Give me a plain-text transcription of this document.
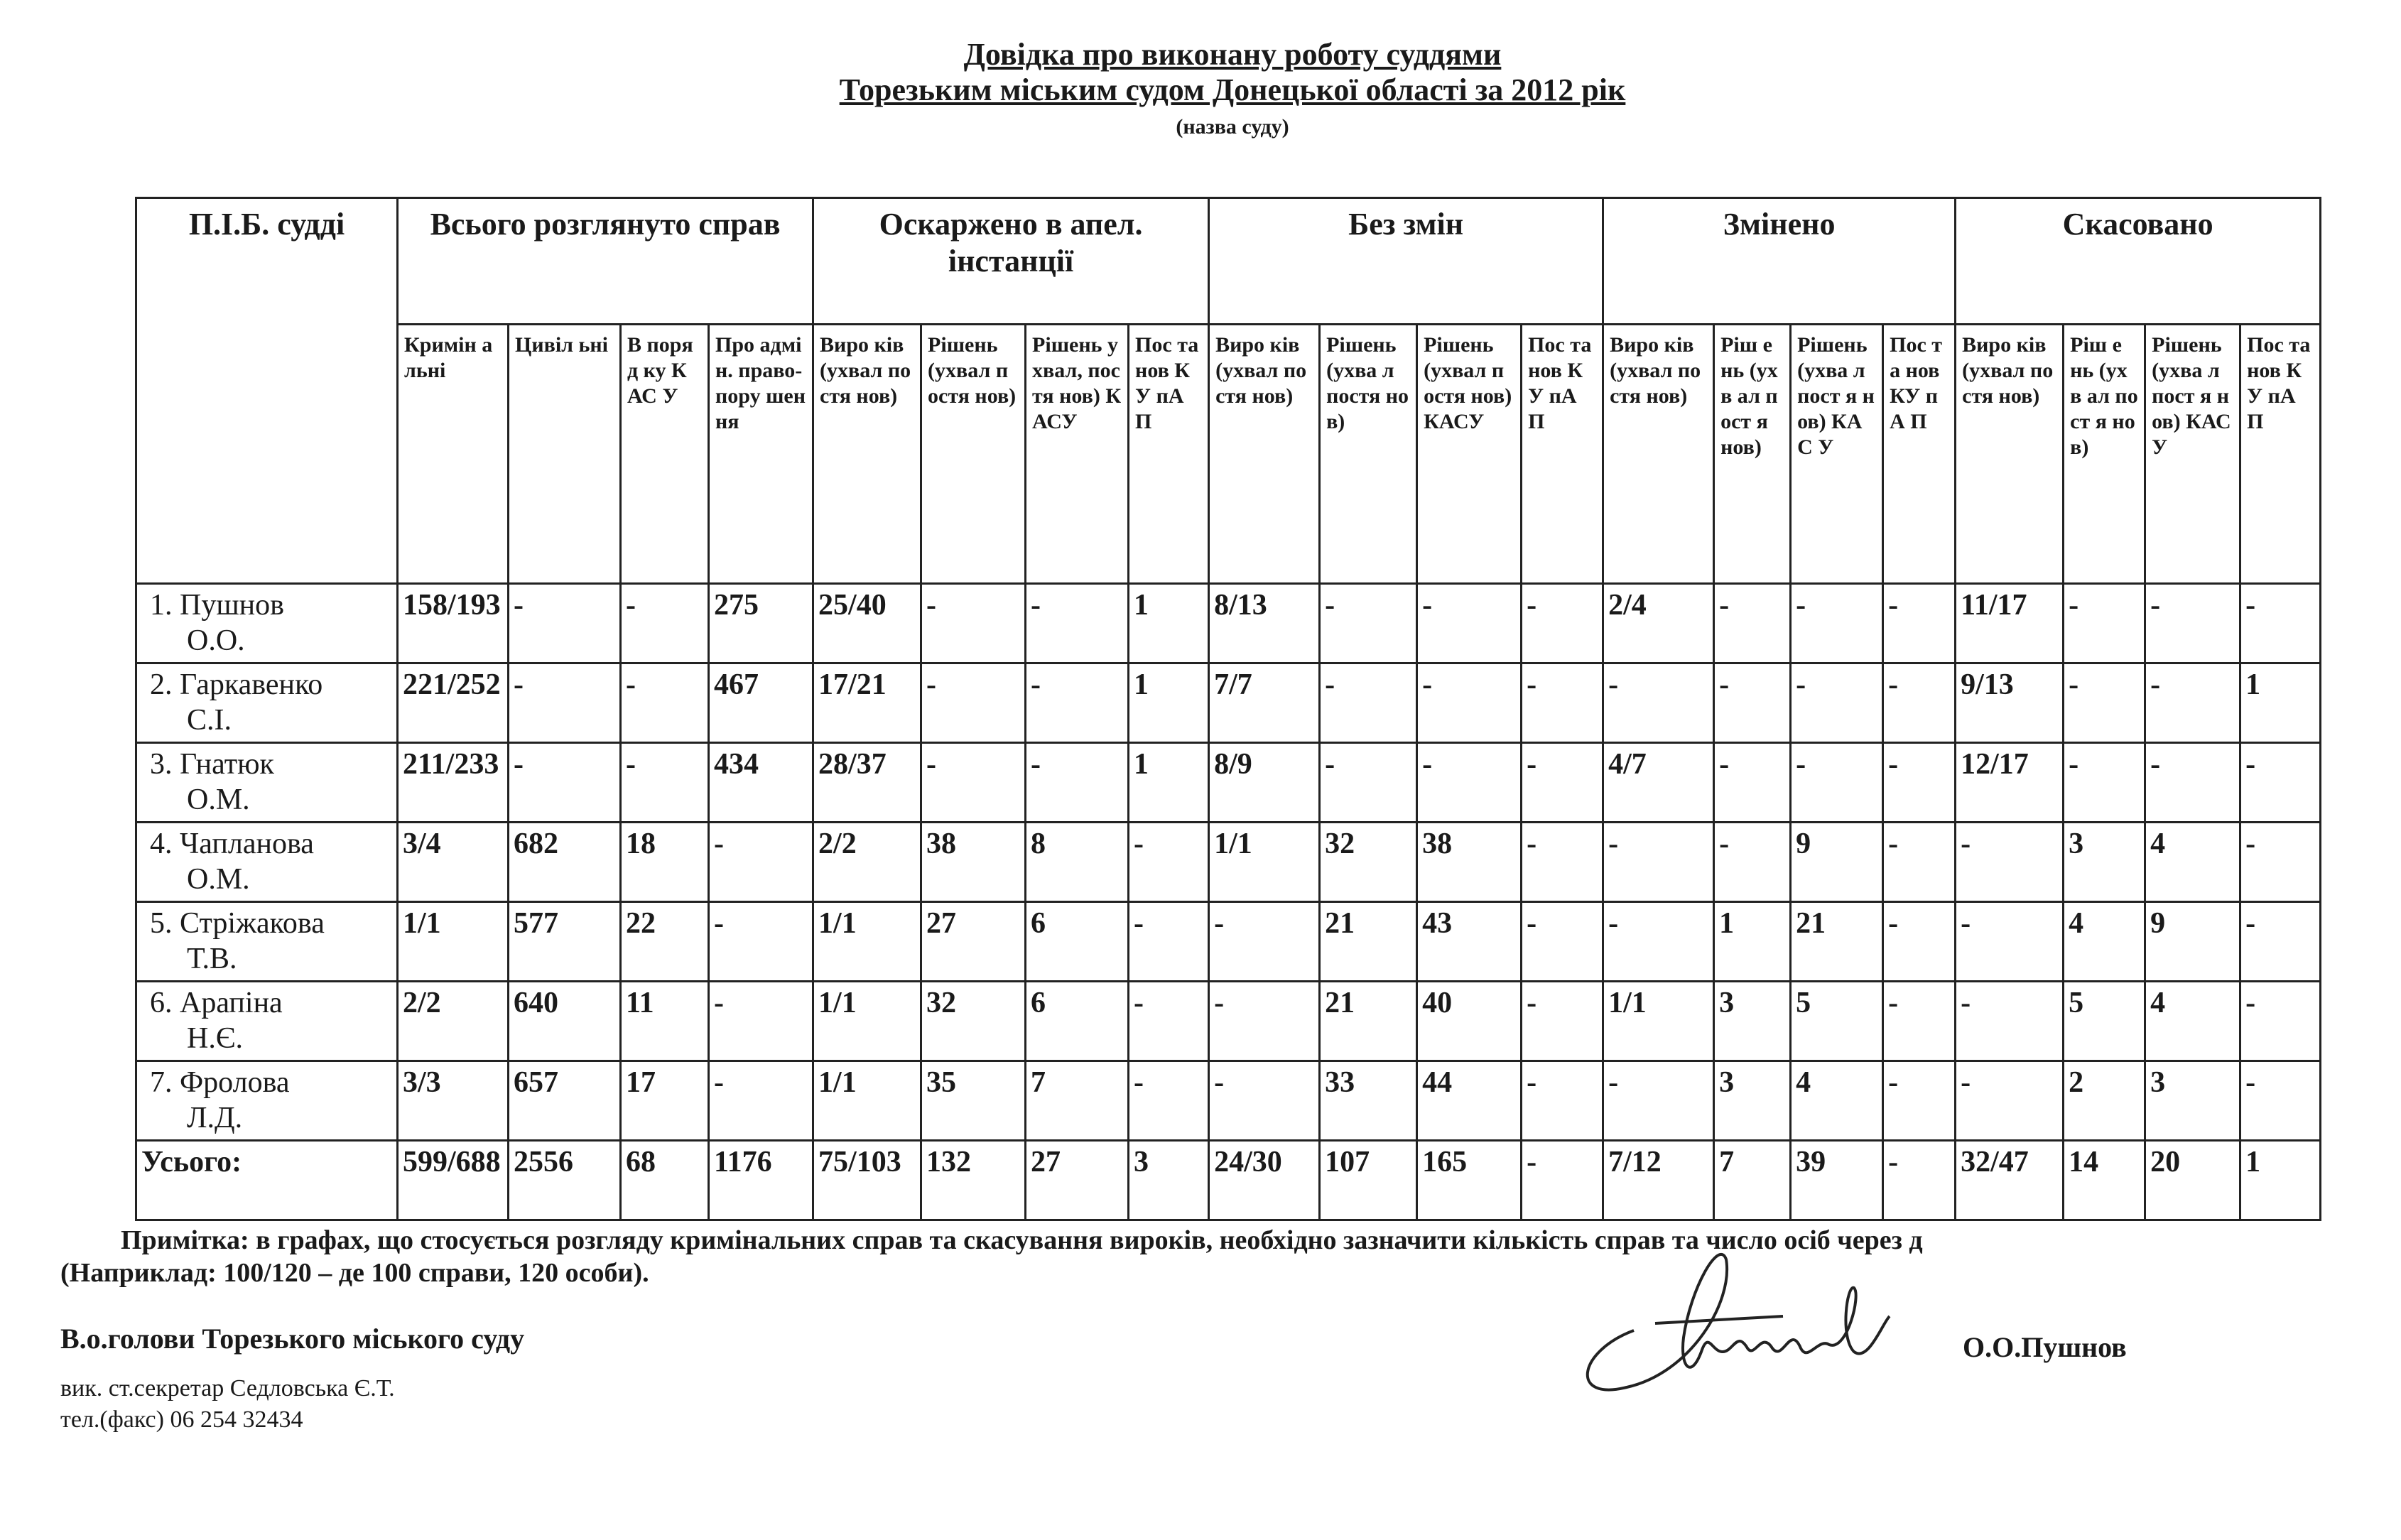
Довідка про виконану роботу суддями
Торезьким міським судом Донецької області за 2012 рік
(назва суду)
П.І.Б. судді	Всього розглянуто справ				Оскаржено в апел. інстанції				Без змін				Змінено				Скасовано			
	Кримін альні	Цивіл ьні	В поря д ку КАС У	Про адмін. право-пору шення	Виро ків (ухвал постя нов)	Рішень (ухвал постя нов)	Рішень ухвал, постя нов) КАСУ	Пос та нов КУ пА П	Виро ків (ухвал постя нов)	Рішень (ухва л постя нов)	Рішень (ухвал постя нов) КАСУ	Пос та нов КУ пА П	Виро ків (ухвал постя нов)	Ріш е нь (ухв ал пост я нов)	Рішень (ухва л пост я нов) КАС У	Пос та нов КУ пА П	Виро ків (ухвал постя нов)	Ріш е нь (ухв ал пост я нов)	Рішень (ухва л пост я нов) КАС У	Пос та нов КУ пА П

1. Пушнов
О.О.	158/193	-	-	275	25/40	-	-	1	8/13	-	-	-	2/4	-	-	-	11/17	-	-	-

2. Гаркавенко
С.І.	221/252	-	-	467	17/21	-	-	1	7/7	-	-	-	-	-	-	-	9/13	-	-	1

3. Гнатюк
О.М.	211/233	-	-	434	28/37	-	-	1	8/9	-	-	-	4/7	-	-	-	12/17	-	-	-

4. Чапланова
О.М.	3/4	682	18	-	2/2	38	8	-	1/1	32	38	-	-	-	9	-	-	3	4	-

5. Стріжакова
Т.В.	1/1	577	22	-	1/1	27	6	-	-	21	43	-	-	1	21	-	-	4	9	-

6. Арапіна
Н.Є.	2/2	640	11	-	1/1	32	6	-	-	21	40	-	1/1	3	5	-	-	5	4	-

7. Фролова
Л.Д.	3/3	657	17	-	1/1	35	7	-	-	33	44	-	-	3	4	-	-	2	3	-
Усього:	599/688	2556	68	1176	75/103	132	27	3	24/30	107	165	-	7/12	7	39	-	32/47	14	20	1
Примітка: в графах, що стосується розгляду кримінальних справ та скасування вироків, необхідно зазначити кількість справ та число осіб через д
(Наприклад: 100/120 – де 100 справи, 120 особи).
В.о.голови Торезького міського суду
вик. ст.секретар Седловська Є.Т.
тел.(факс) 06 254 32434
О.О.Пушнов
